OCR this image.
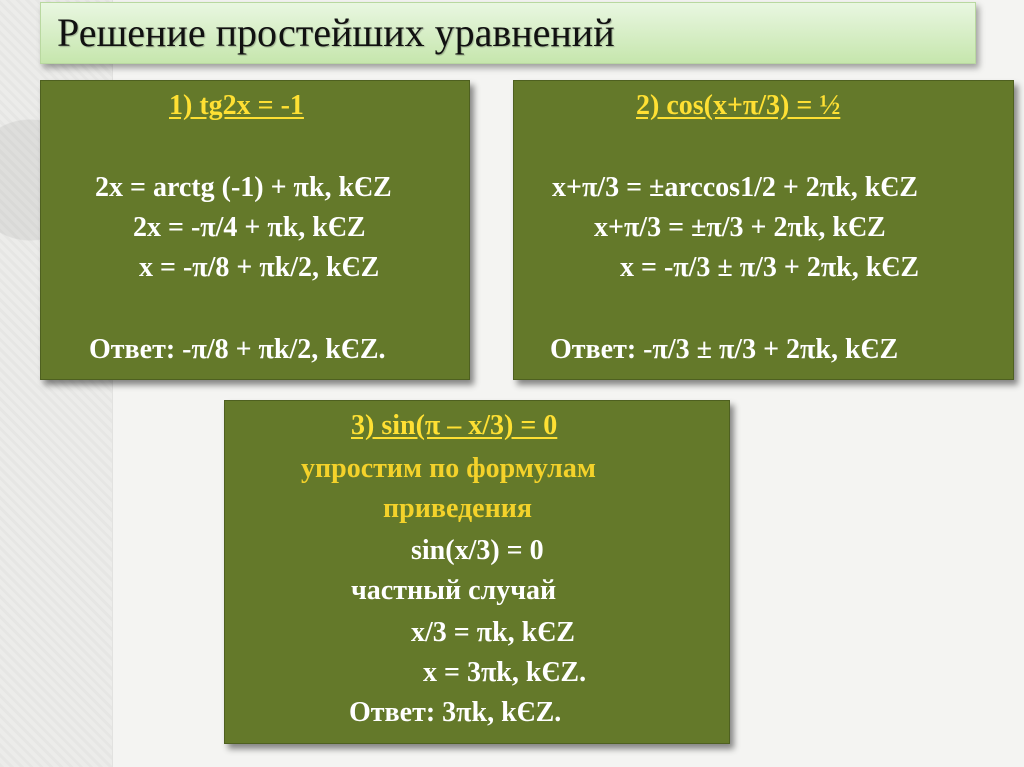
Решение простейших уравнений
1) tg2x = -1
2x = arctg (-1) + πk, kЄZ
2x = -π/4 + πk, kЄZ
x = -π/8 + πk/2, kЄZ
Ответ: -π/8 + πk/2, kЄZ.
2) cos(x+π/3) = ½
x+π/3 = ±arccos1/2 + 2πk, kЄZ
x+π/3 = ±π/3 + 2πk, kЄZ
x = -π/3 ± π/3 + 2πk, kЄZ
Ответ: -π/3 ± π/3 + 2πk, kЄZ
3) sin(π – x/3) = 0
упростим по формулам
приведения
sin(x/3) = 0
частный случай
x/3 = πk, kЄZ
x = 3πk, kЄZ.
Ответ: 3πk, kЄZ.
